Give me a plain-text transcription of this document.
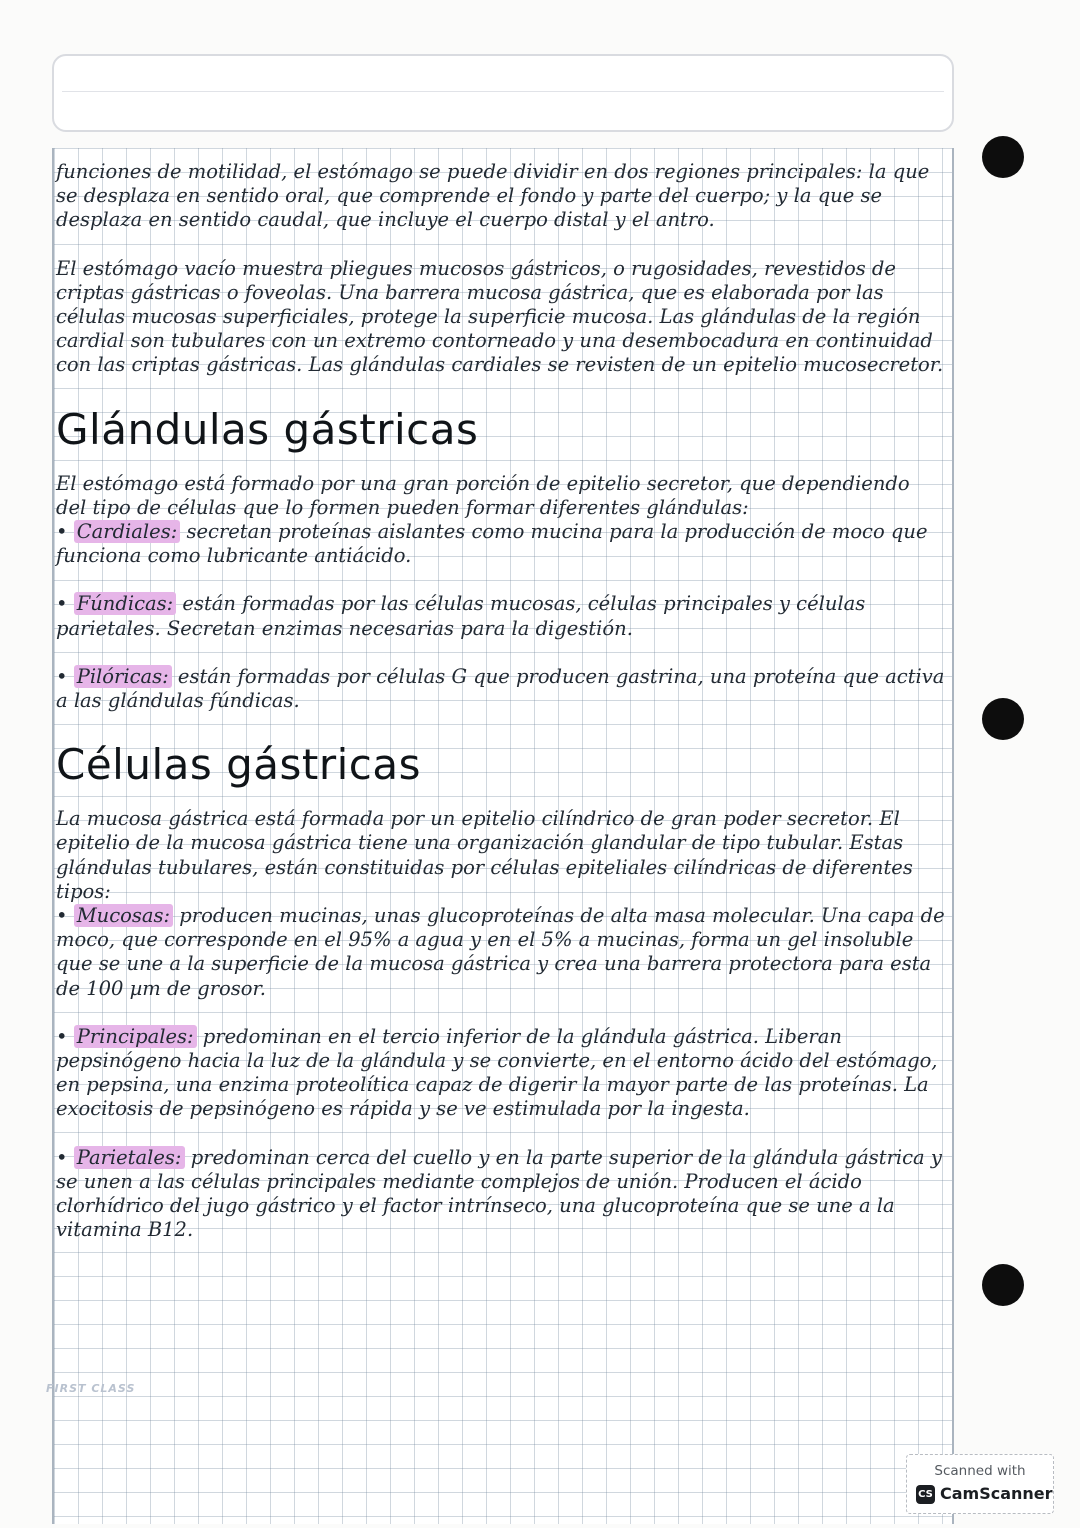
funciones de motilidad, el estómago se puede dividir en dos regiones principales: la que se desplaza en sentido oral, que comprende el fondo y parte del cuerpo; y la que se desplaza en sentido caudal, que incluye el cuerpo distal y el antro.

El estómago vacío muestra pliegues mucosos gástricos, o rugosidades, revestidos de criptas gástricas o foveolas. Una barrera mucosa gástrica, que es elaborada por las células mucosas superficiales, protege la superficie mucosa. Las glándulas de la región cardial son tubulares con un extremo contorneado y una desembocadura en continuidad con las criptas gástricas. Las glándulas cardiales se revisten de un epitelio mucosecretor.

Glándulas gástricas

El estómago está formado por una gran porción de epitelio secretor, que dependiendo del tipo de células que lo formen pueden formar diferentes glándulas:

• Cardiales: secretan proteínas aislantes como mucina para la producción de moco que funciona como lubricante antiácido.

• Fúndicas: están formadas por las células mucosas, células principales y células parietales. Secretan enzimas necesarias para la digestión.

• Pilóricas: están formadas por células G que producen gastrina, una proteína que activa a las glándulas fúndicas.

Células gástricas

La mucosa gástrica está formada por un epitelio cilíndrico de gran poder secretor. El epitelio de la mucosa gástrica tiene una organización glandular de tipo tubular. Estas glándulas tubulares, están constituidas por células epiteliales cilíndricas de diferentes tipos:

• Mucosas: producen mucinas, unas glucoproteínas de alta masa molecular. Una capa de moco, que corresponde en el 95% a agua y en el 5% a mucinas, forma un gel insoluble que se une a la superficie de la mucosa gástrica y crea una barrera protectora para esta de 100 µm de grosor.

• Principales: predominan en el tercio inferior de la glándula gástrica. Liberan pepsinógeno hacia la luz de la glándula y se convierte, en el entorno ácido del estómago, en pepsina, una enzima proteolítica capaz de digerir la mayor parte de las proteínas. La exocitosis de pepsinógeno es rápida y se ve estimulada por la ingesta.

• Parietales: predominan cerca del cuello y en la parte superior de la glándula gástrica y se unen a las células principales mediante complejos de unión. Producen el ácido clorhídrico del jugo gástrico y el factor intrínseco, una glucoproteína que se une a la vitamina B12.

FIRST CLASS
Scanned with
CS CamScanner
